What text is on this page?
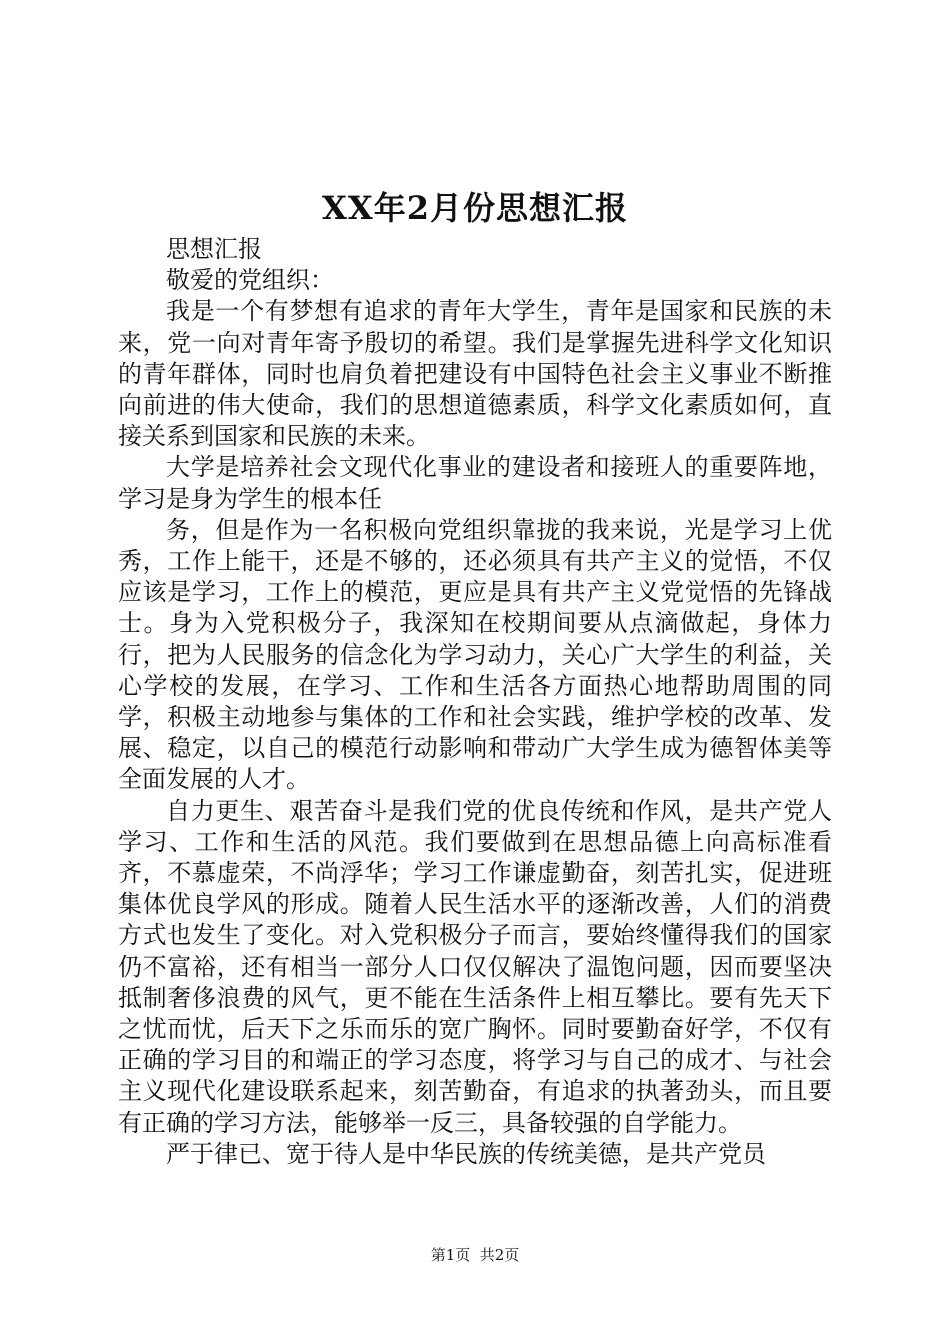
XX年2月份思想汇报

思想汇报

敬爱的党组织：

我是一个有梦想有追求的青年大学生，青年是国家和民族的未来，党一向对青年寄予殷切的希望。我们是掌握先进科学文化知识的青年群体，同时也肩负着把建设有中国特色社会主义事业不断推向前进的伟大使命，我们的思想道德素质，科学文化素质如何，直接关系到国家和民族的未来。

大学是培养社会文现代化事业的建设者和接班人的重要阵地，学习是身为学生的根本任

务，但是作为一名积极向党组织靠拢的我来说，光是学习上优秀，工作上能干，还是不够的，还必须具有共产主义的觉悟，不仅应该是学习，工作上的模范，更应是具有共产主义党觉悟的先锋战士。身为入党积极分子，我深知在校期间要从点滴做起，身体力行，把为人民服务的信念化为学习动力，关心广大学生的利益，关心学校的发展，在学习、工作和生活各方面热心地帮助周围的同学，积极主动地参与集体的工作和社会实践，维护学校的改革、发展、稳定，以自己的模范行动影响和带动广大学生成为德智体美等全面发展的人才。

自力更生、艰苦奋斗是我们党的优良传统和作风，是共产党人学习、工作和生活的风范。我们要做到在思想品德上向高标准看齐，不慕虚荣，不尚浮华；学习工作谦虚勤奋，刻苦扎实，促进班集体优良学风的形成。随着人民生活水平的逐渐改善，人们的消费方式也发生了变化。对入党积极分子而言，要始终懂得我们的国家仍不富裕，还有相当一部分人口仅仅解决了温饱问题，因而要坚决抵制奢侈浪费的风气，更不能在生活条件上相互攀比。要有先天下之忧而忧，后天下之乐而乐的宽广胸怀。同时要勤奋好学，不仅有正确的学习目的和端正的学习态度，将学习与自己的成才、与社会主义现代化建设联系起来，刻苦勤奋，有追求的执著劲头，而且要有正确的学习方法，能够举一反三，具备较强的自学能力。

严于律已、宽于待人是中华民族的传统美德，是共产党员

第1页  共2页
